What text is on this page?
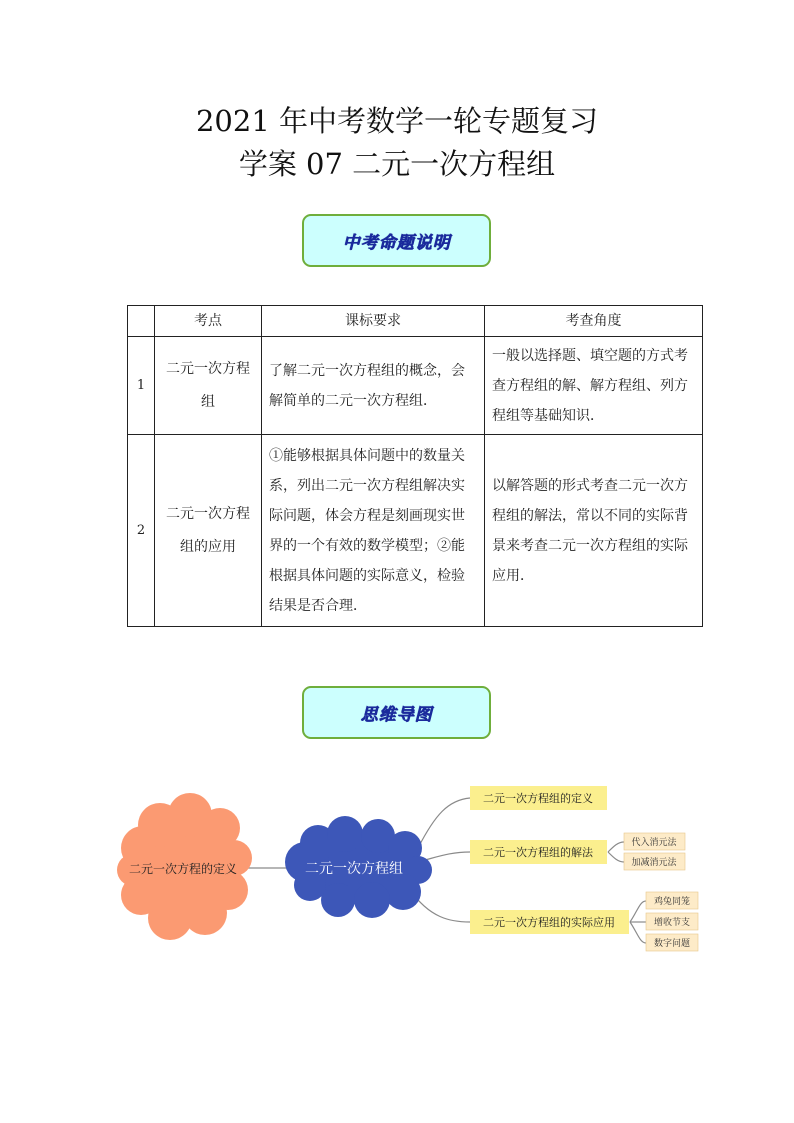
2021 年中考数学一轮专题复习
学案 07 二元一次方程组
中考命题说明
	考点	课标要求	考查角度
1	二元一次方程组	了解二元一次方程组的概念，会解简单的二元一次方程组．	一般以选择题、填空题的方式考查方程组的解、解方程组、列方程组等基础知识．
2	二元一次方程组的应用	①能够根据具体问题中的数量关系，列出二元一次方程组解决实际问题，体会方程是刻画现实世界的一个有效的数学模型；②能根据具体问题的实际意义，检验结果是否合理．	以解答题的形式考查二元一次方程组的解法，常以不同的实际背景来考查二元一次方程组的实际应用．
思维导图
二元一次方程的定义	二元一次方程组
二元一次方程组的定义
二元一次方程组的解法
二元一次方程组的实际应用
代入消元法
加减消元法
鸡兔同笼
增收节支
数字问题
